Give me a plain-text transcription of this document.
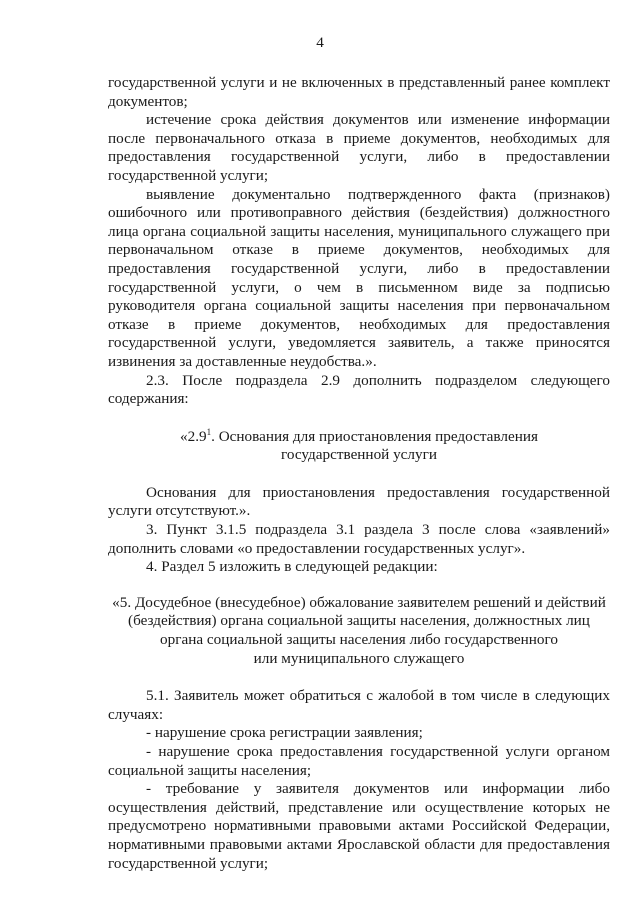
4

государственной услуги и не включенных в представленный ранее комплект документов;

истечение срока действия документов или изменение информации после первоначального отказа в приеме документов, необходимых для предоставления государственной услуги, либо в предоставлении государственной услуги;

выявление документально подтвержденного факта (признаков) ошибочного или противоправного действия (бездействия) должностного лица органа социальной защиты населения, муниципального служащего при первоначальном отказе в приеме документов, необходимых для предоставления государственной услуги, либо в предоставлении государственной услуги, о чем в письменном виде за подписью руководителя органа социальной защиты населения при первоначальном отказе в приеме документов, необходимых для предоставления государственной услуги, уведомляется заявитель, а также приносятся извинения за доставленные неудобства.».

2.3. После подраздела 2.9 дополнить подразделом следующего содержания:

«$2.9^1$. Основания для приостановления предоставления
государственной услуги

Основания для приостановления предоставления государственной услуги отсутствуют.».

3. Пункт 3.1.5 подраздела 3.1 раздела 3 после слова «заявлений» дополнить словами «о предоставлении государственных услуг».

4. Раздел 5 изложить в следующей редакции:

«5. Досудебное (внесудебное) обжалование заявителем решений и действий
(бездействия) органа социальной защиты населения, должностных лиц
органа социальной защиты населения либо государственного
или муниципального служащего

5.1. Заявитель может обратиться с жалобой в том числе в следующих случаях:

- нарушение срока регистрации заявления;

- нарушение срока предоставления государственной услуги органом социальной защиты населения;

- требование у заявителя документов или информации либо осуществления действий, представление или осуществление которых не предусмотрено нормативными правовыми актами Российской Федерации, нормативными правовыми актами Ярославской области для предоставления государственной услуги;
